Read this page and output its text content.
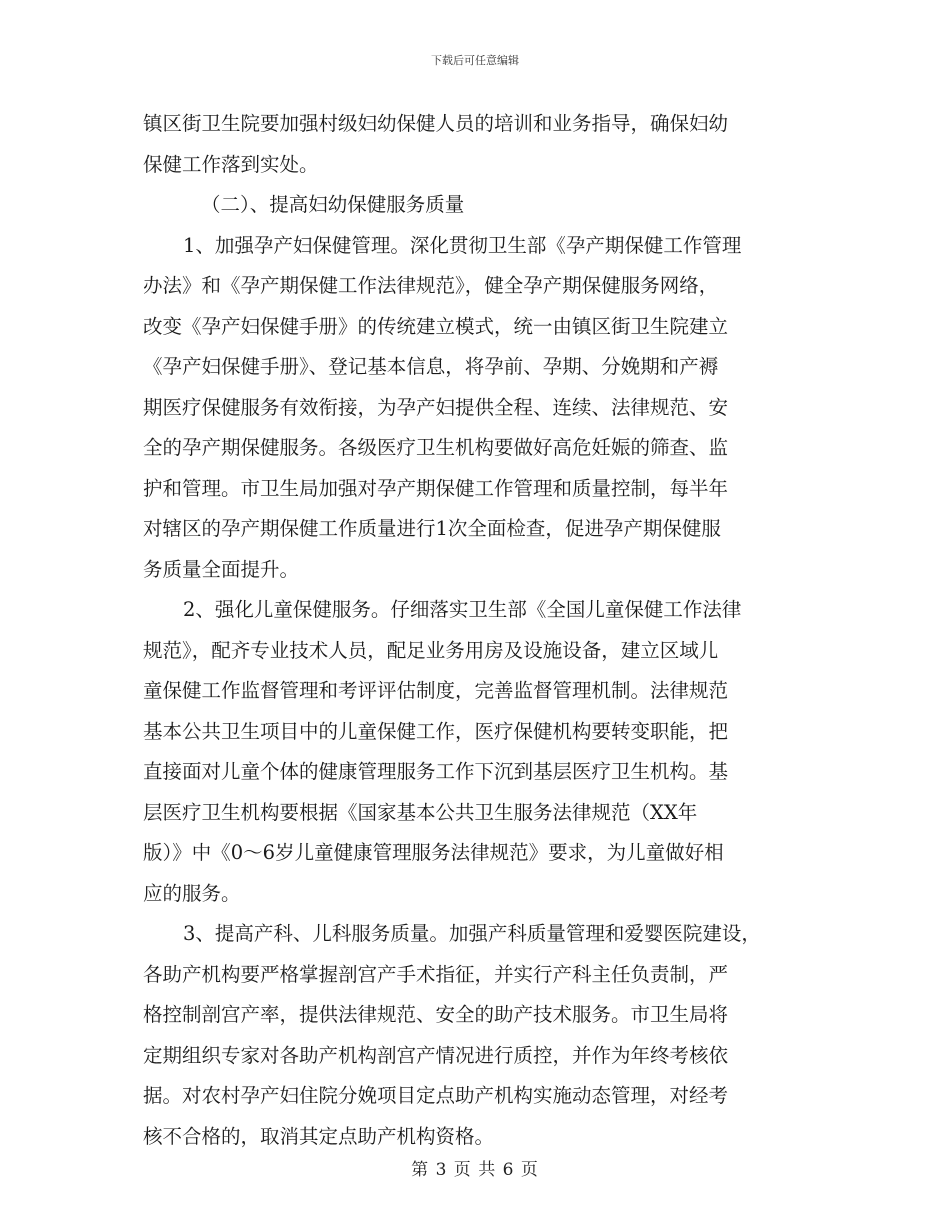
下载后可任意编辑
镇区街卫生院要加强村级妇幼保健人员的培训和业务指导，确保妇幼
保健工作落到实处。
（二）、提高妇幼保健服务质量
1、加强孕产妇保健管理。深化贯彻卫生部《孕产期保健工作管理
办法》和《孕产期保健工作法律规范》，健全孕产期保健服务网络，
改变《孕产妇保健手册》的传统建立模式，统一由镇区街卫生院建立
《孕产妇保健手册》、登记基本信息，将孕前、孕期、分娩期和产褥
期医疗保健服务有效衔接，为孕产妇提供全程、连续、法律规范、安
全的孕产期保健服务。各级医疗卫生机构要做好高危妊娠的筛查、监
护和管理。市卫生局加强对孕产期保健工作管理和质量控制，每半年
对辖区的孕产期保健工作质量进行1次全面检查，促进孕产期保健服
务质量全面提升。
2、强化儿童保健服务。仔细落实卫生部《全国儿童保健工作法律
规范》，配齐专业技术人员，配足业务用房及设施设备，建立区域儿
童保健工作监督管理和考评评估制度，完善监督管理机制。法律规范
基本公共卫生项目中的儿童保健工作，医疗保健机构要转变职能，把
直接面对儿童个体的健康管理服务工作下沉到基层医疗卫生机构。基
层医疗卫生机构要根据《国家基本公共卫生服务法律规范（XX年
版）》中《0～6岁儿童健康管理服务法律规范》要求，为儿童做好相
应的服务。
3、提高产科、儿科服务质量。加强产科质量管理和爱婴医院建设，
各助产机构要严格掌握剖宫产手术指征，并实行产科主任负责制，严
格控制剖宫产率，提供法律规范、安全的助产技术服务。市卫生局将
定期组织专家对各助产机构剖宫产情况进行质控，并作为年终考核依
据。对农村孕产妇住院分娩项目定点助产机构实施动态管理，对经考
核不合格的，取消其定点助产机构资格。
第 3 页 共 6 页
